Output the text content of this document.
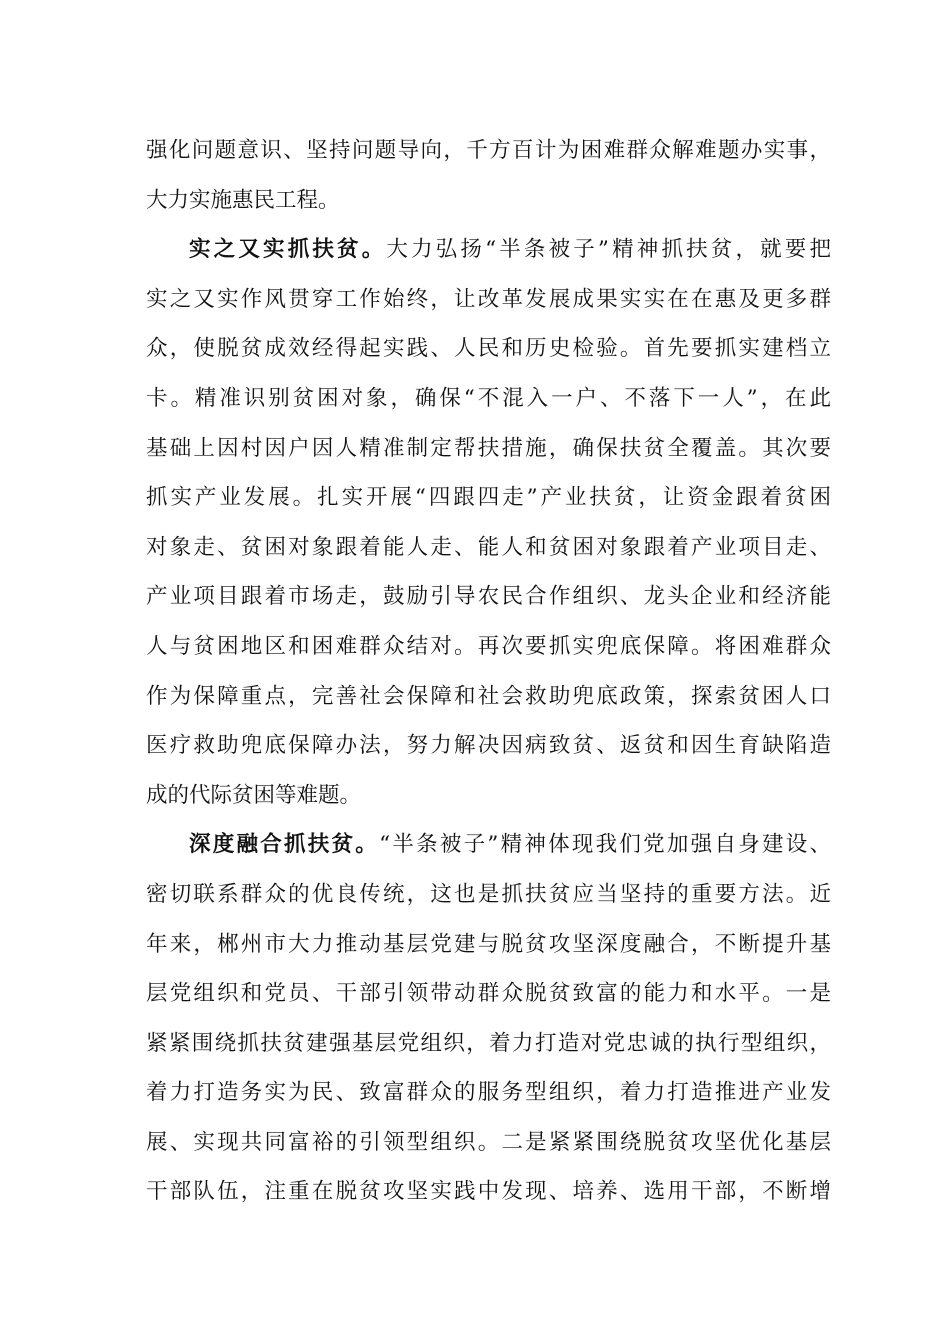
强化问题意识、坚持问题导向，千方百计为困难群众解难题办实事，
大力实施惠民工程。
实之又实抓扶贫。大力弘扬“半条被子”精神抓扶贫，就要把
实之又实作风贯穿工作始终，让改革发展成果实实在在惠及更多群
众，使脱贫成效经得起实践、人民和历史检验。首先要抓实建档立
卡。精准识别贫困对象，确保“不混入一户、不落下一人”，在此
基础上因村因户因人精准制定帮扶措施，确保扶贫全覆盖。其次要
抓实产业发展。扎实开展“四跟四走”产业扶贫，让资金跟着贫困
对象走、贫困对象跟着能人走、能人和贫困对象跟着产业项目走、
产业项目跟着市场走，鼓励引导农民合作组织、龙头企业和经济能
人与贫困地区和困难群众结对。再次要抓实兜底保障。将困难群众
作为保障重点，完善社会保障和社会救助兜底政策，探索贫困人口
医疗救助兜底保障办法，努力解决因病致贫、返贫和因生育缺陷造
成的代际贫困等难题。
深度融合抓扶贫。“半条被子”精神体现我们党加强自身建设、
密切联系群众的优良传统，这也是抓扶贫应当坚持的重要方法。近
年来，郴州市大力推动基层党建与脱贫攻坚深度融合，不断提升基
层党组织和党员、干部引领带动群众脱贫致富的能力和水平。一是
紧紧围绕抓扶贫建强基层党组织，着力打造对党忠诚的执行型组织，
着力打造务实为民、致富群众的服务型组织，着力打造推进产业发
展、实现共同富裕的引领型组织。二是紧紧围绕脱贫攻坚优化基层
干部队伍，注重在脱贫攻坚实践中发现、培养、选用干部，不断增
